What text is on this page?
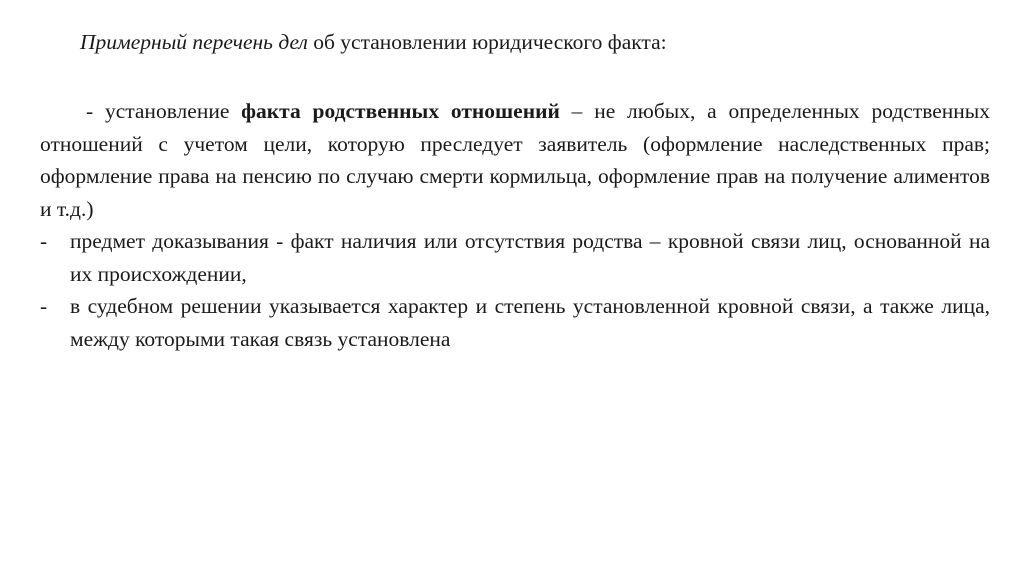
Примерный перечень дел об установлении юридического факта:

- установление факта родственных отношений – не любых, а определенных родственных отношений с учетом цели, которую преследует заявитель (оформление наследственных прав; оформление права на пенсию по случаю смерти кормильца, оформление прав на получение алиментов и т.д.)

- предмет доказывания - факт наличия или отсутствия родства – кровной связи лиц, основанной на их происхождении,

- в судебном решении указывается характер и степень установленной кровной связи, а также лица, между которыми такая связь установлена
